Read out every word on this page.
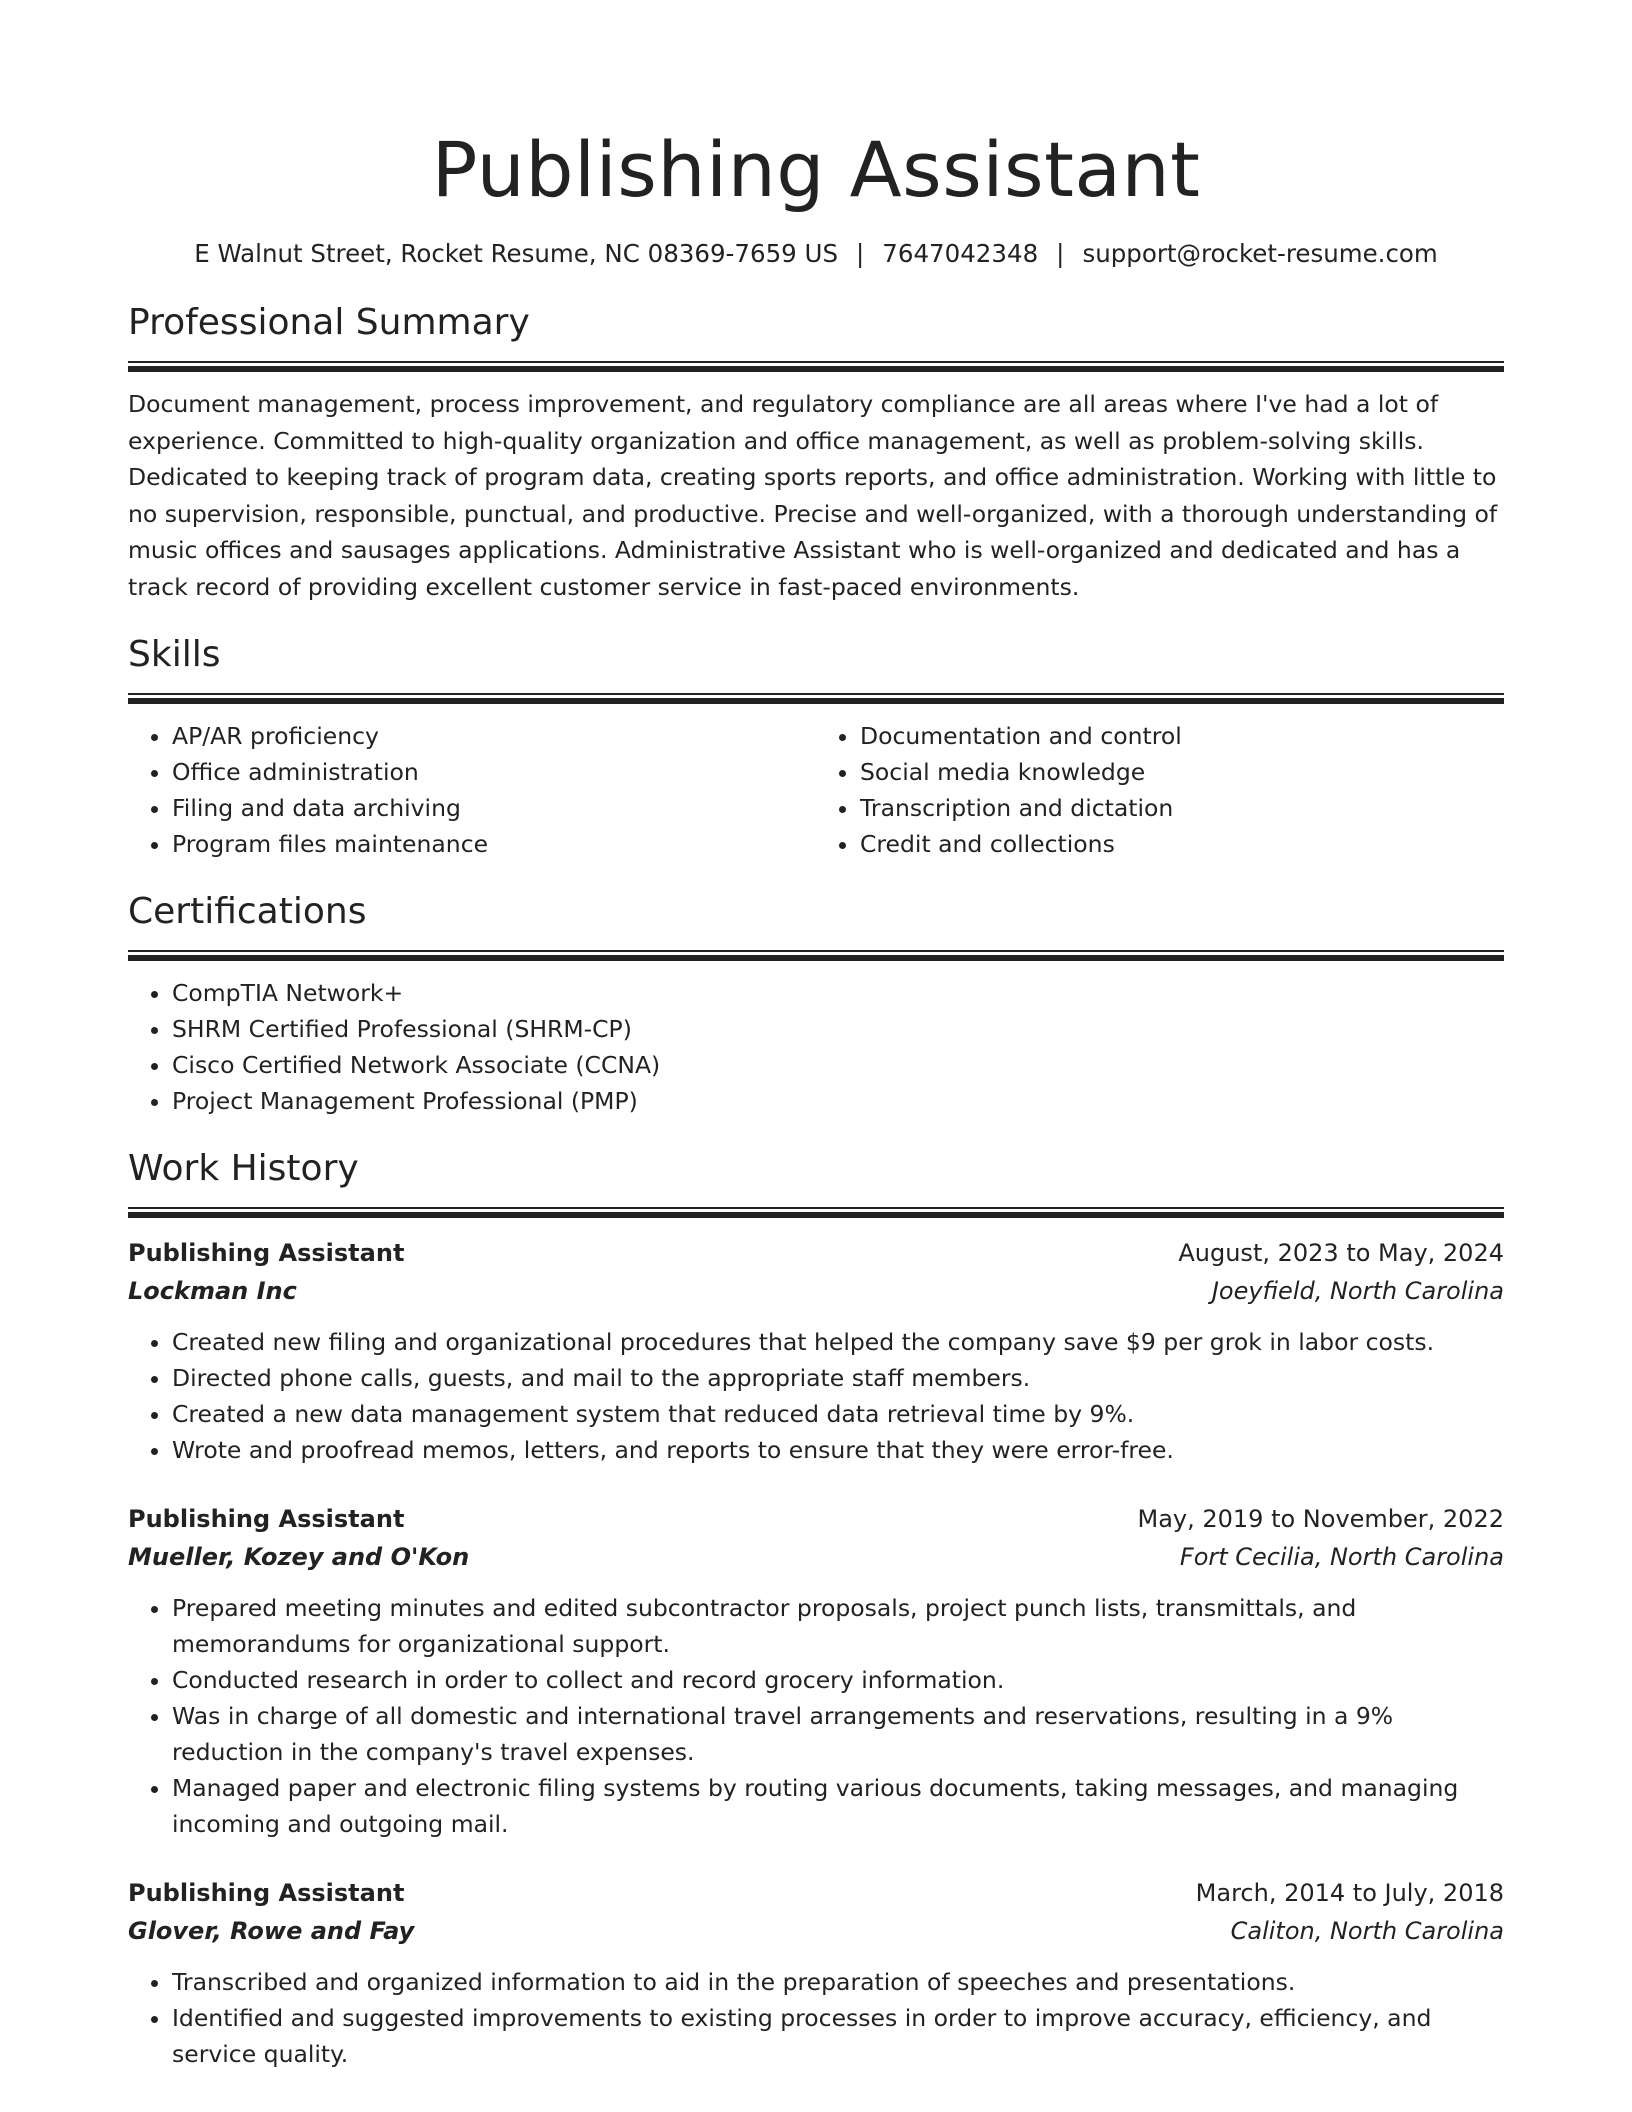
Publishing Assistant
E Walnut Street, Rocket Resume, NC 08369-7659 US | 7647042348 | support@rocket-resume.com
Professional Summary

Document management, process improvement, and regulatory compliance are all areas where I've had a lot of experience. Committed to high-quality organization and office management, as well as problem-solving skills. Dedicated to keeping track of program data, creating sports reports, and office administration. Working with little to no supervision, responsible, punctual, and productive. Precise and well-organized, with a thorough understanding of music offices and sausages applications. Administrative Assistant who is well-organized and dedicated and has a track record of providing excellent customer service in fast-paced environments.

Skills
• AP/AR proficiency
• Office administration
• Filing and data archiving
• Program files maintenance
• Documentation and control
• Social media knowledge
• Transcription and dictation
• Credit and collections
Certifications
• CompTIA Network+
• SHRM Certified Professional (SHRM-CP)
• Cisco Certified Network Associate (CCNA)
• Project Management Professional (PMP)
Work History
Publishing Assistant	August, 2023 to May, 2024
Lockman Inc	Joeyfield, North Carolina
• Created new filing and organizational procedures that helped the company save $9 per grok in labor costs.
• Directed phone calls, guests, and mail to the appropriate staff members.
• Created a new data management system that reduced data retrieval time by 9%.
• Wrote and proofread memos, letters, and reports to ensure that they were error-free.
Publishing Assistant	May, 2019 to November, 2022
Mueller, Kozey and O'Kon	Fort Cecilia, North Carolina
• Prepared meeting minutes and edited subcontractor proposals, project punch lists, transmittals, and memorandums for organizational support.
• Conducted research in order to collect and record grocery information.
• Was in charge of all domestic and international travel arrangements and reservations, resulting in a 9% reduction in the company's travel expenses.
• Managed paper and electronic filing systems by routing various documents, taking messages, and managing incoming and outgoing mail.
Publishing Assistant	March, 2014 to July, 2018
Glover, Rowe and Fay	Caliton, North Carolina
• Transcribed and organized information to aid in the preparation of speeches and presentations.
• Identified and suggested improvements to existing processes in order to improve accuracy, efficiency, and service quality.
